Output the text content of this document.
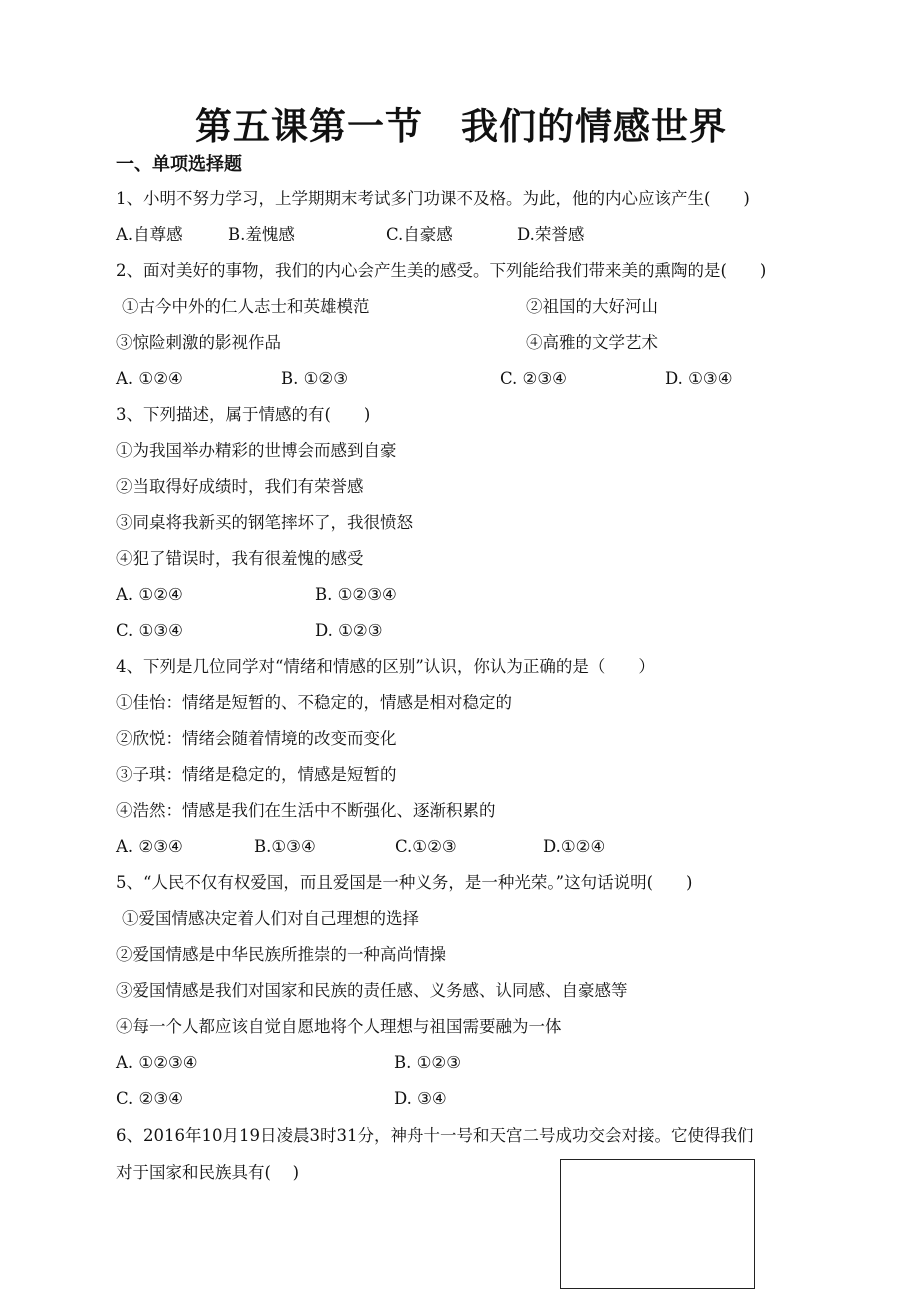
第五课第一节　我们的情感世界
一、单项选择题
1、小明不努力学习，上学期期末考试多门功课不及格。为此，他的内心应该产生(　　)
A.自尊感	B.羞愧感	C.自豪感	D.荣誉感
2、面对美好的事物，我们的内心会产生美的感受。下列能给我们带来美的熏陶的是(　　)
①古今中外的仁人志士和英雄模范	②祖国的大好河山
③惊险刺激的影视作品	④高雅的文学艺术
A. ①②④	B. ①②③	C. ②③④	D. ①③④
3、下列描述，属于情感的有(　　)
①为我国举办精彩的世博会而感到自豪
②当取得好成绩时，我们有荣誉感
③同桌将我新买的钢笔摔坏了，我很愤怒
④犯了错误时，我有很羞愧的感受
A. ①②④	B. ①②③④
C. ①③④	D. ①②③
4、下列是几位同学对“情绪和情感的区别”认识，你认为正确的是（　　）
①佳怡：情绪是短暂的、不稳定的，情感是相对稳定的
②欣悦：情绪会随着情境的改变而变化
③子琪：情绪是稳定的，情感是短暂的
④浩然：情感是我们在生活中不断强化、逐渐积累的
A. ②③④	B.①③④	C.①②③	D.①②④
5、“人民不仅有权爱国，而且爱国是一种义务，是一种光荣。”这句话说明(　　)
①爱国情感决定着人们对自己理想的选择
②爱国情感是中华民族所推崇的一种高尚情操
③爱国情感是我们对国家和民族的责任感、义务感、认同感、自豪感等
④每一个人都应该自觉自愿地将个人理想与祖国需要融为一体
A. ①②③④	B. ①②③
C. ②③④	D. ③④
6、2016年10月19日凌晨3时31分，神舟十一号和天宫二号成功交会对接。它使得我们
对于国家和民族具有(　 )
